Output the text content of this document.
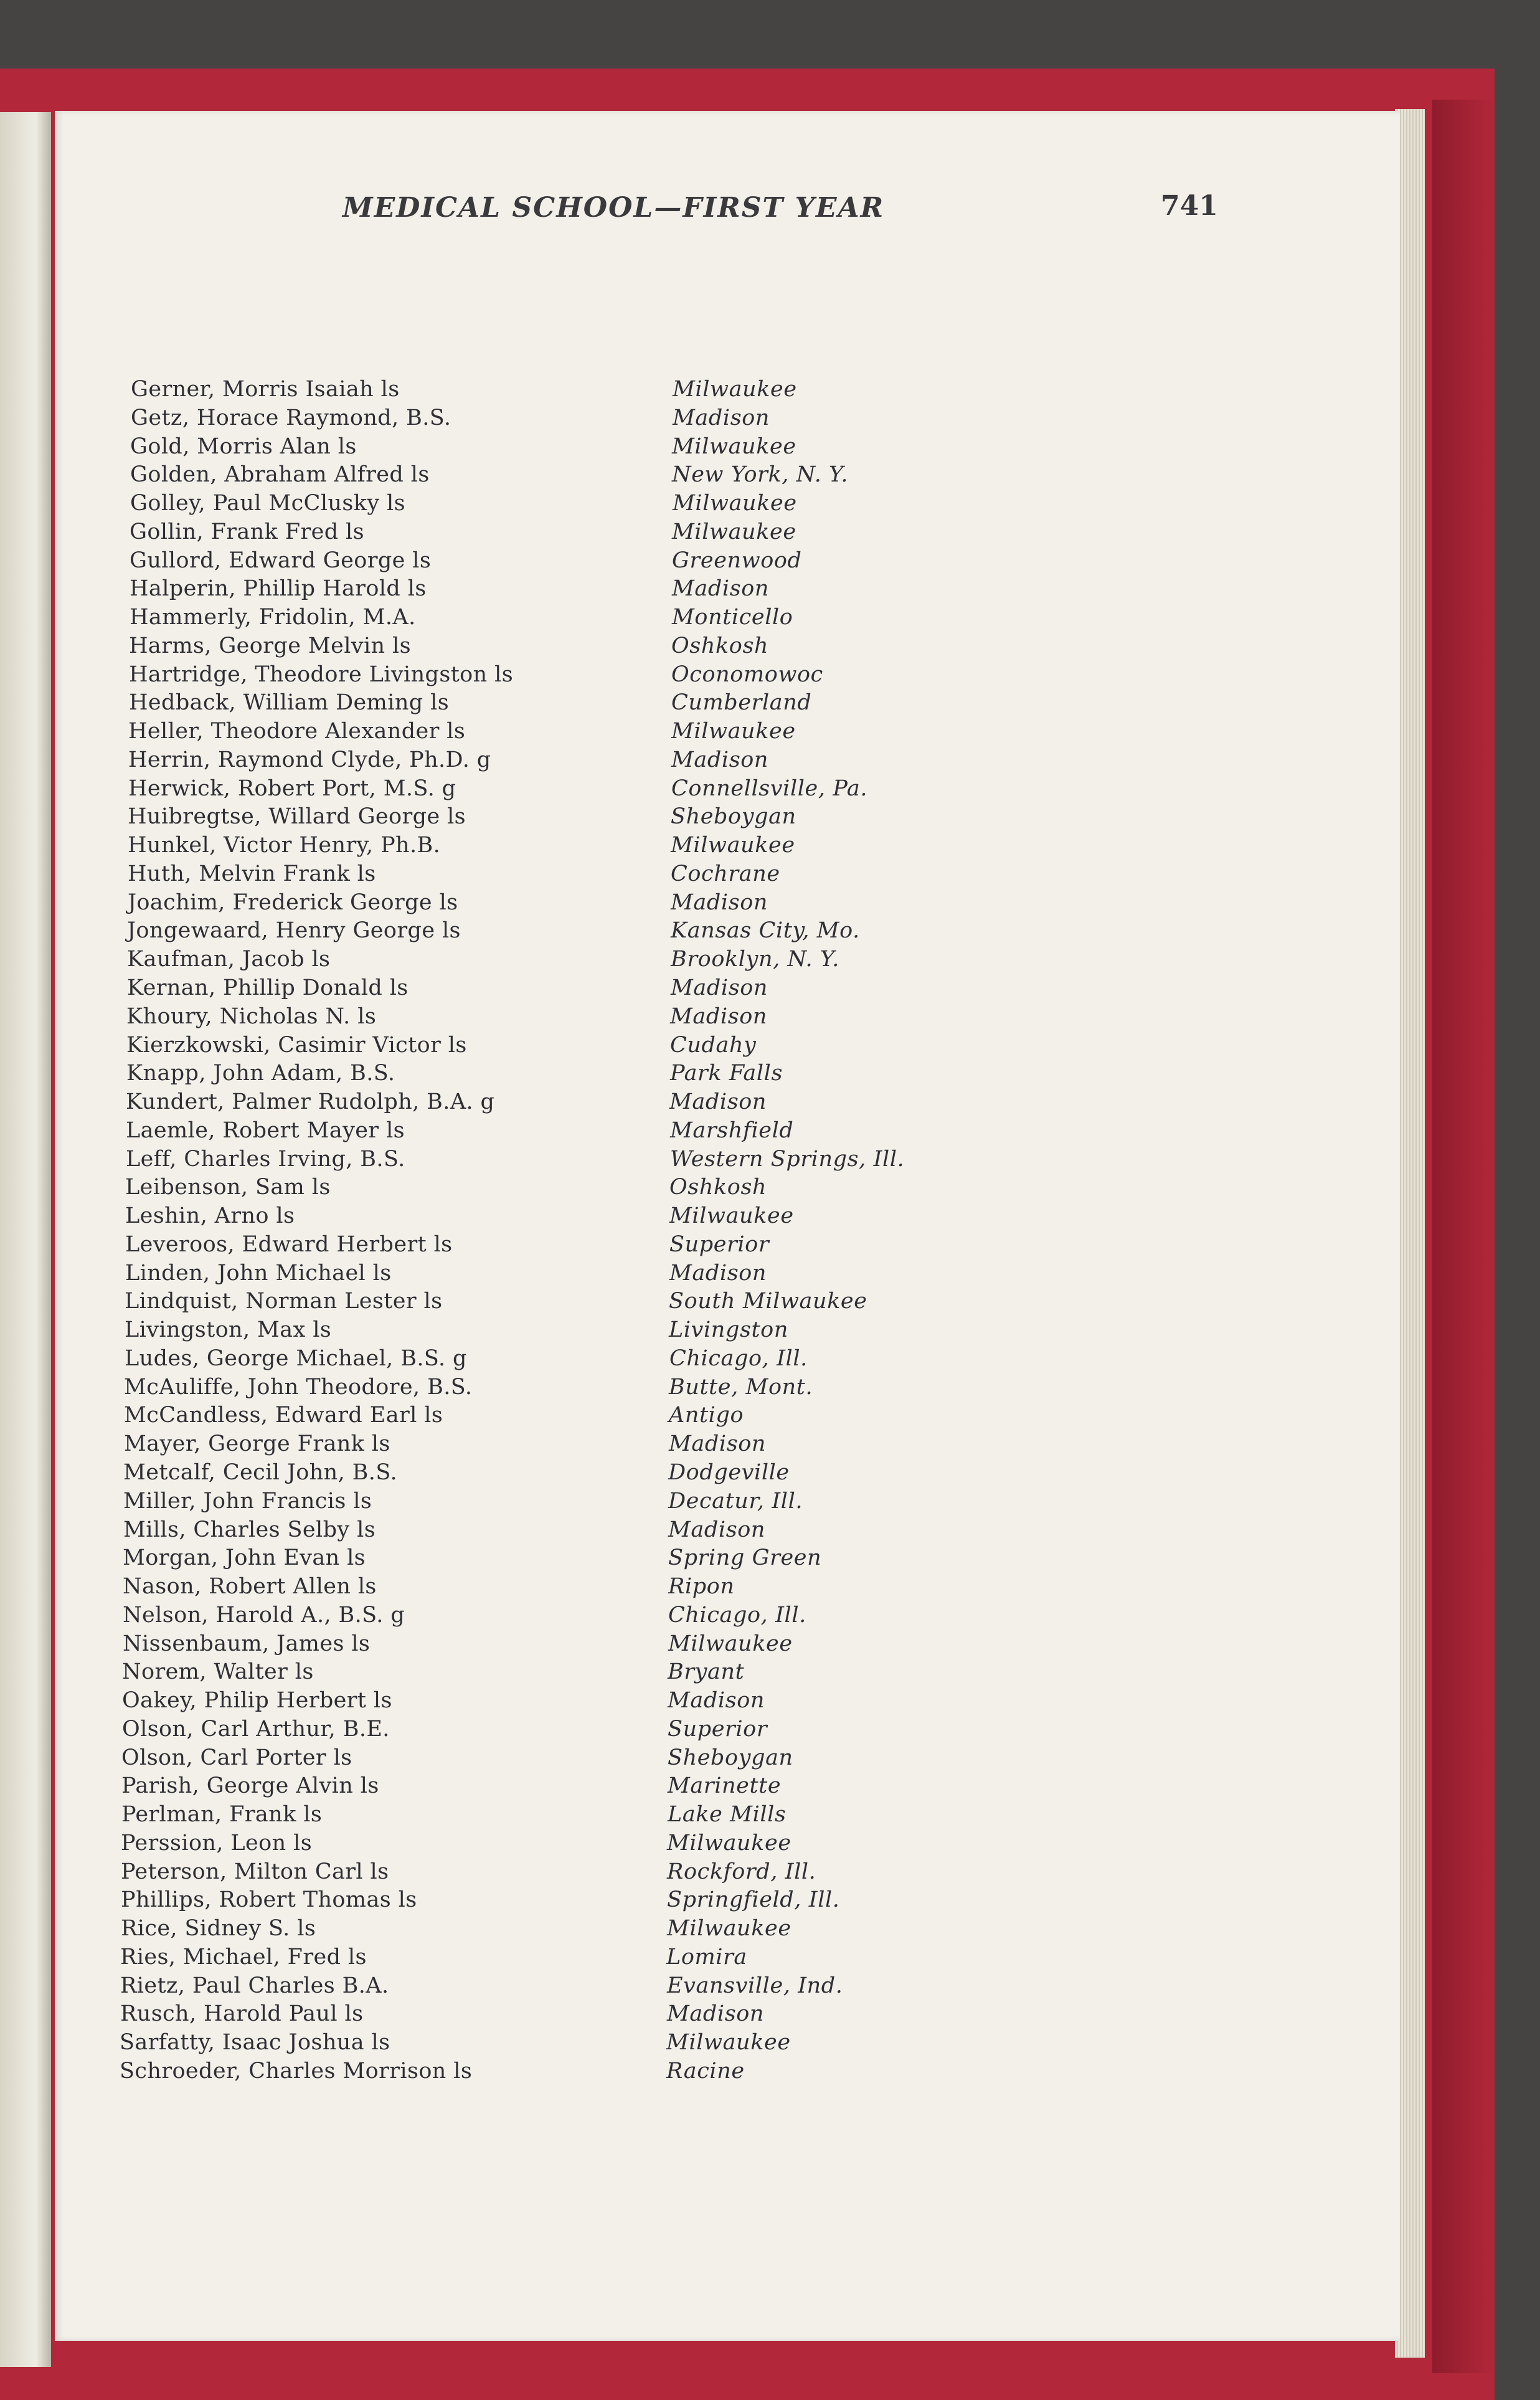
MEDICAL SCHOOL—FIRST YEAR	741
Gerner, Morris Isaiah ls	Milwaukee
Getz, Horace Raymond, B.S.	Madison
Gold, Morris Alan ls	Milwaukee
Golden, Abraham Alfred ls	New York, N. Y.
Golley, Paul McClusky ls	Milwaukee
Gollin, Frank Fred ls	Milwaukee
Gullord, Edward George ls	Greenwood
Halperin, Phillip Harold ls	Madison
Hammerly, Fridolin, M.A.	Monticello
Harms, George Melvin ls	Oshkosh
Hartridge, Theodore Livingston ls	Oconomowoc
Hedback, William Deming ls	Cumberland
Heller, Theodore Alexander ls	Milwaukee
Herrin, Raymond Clyde, Ph.D. g	Madison
Herwick, Robert Port, M.S. g	Connellsville, Pa.
Huibregtse, Willard George ls	Sheboygan
Hunkel, Victor Henry, Ph.B.	Milwaukee
Huth, Melvin Frank ls	Cochrane
Joachim, Frederick George ls	Madison
Jongewaard, Henry George ls	Kansas City, Mo.
Kaufman, Jacob ls	Brooklyn, N. Y.
Kernan, Phillip Donald ls	Madison
Khoury, Nicholas N. ls	Madison
Kierzkowski, Casimir Victor ls	Cudahy
Knapp, John Adam, B.S.	Park Falls
Kundert, Palmer Rudolph, B.A. g	Madison
Laemle, Robert Mayer ls	Marshfield
Leff, Charles Irving, B.S.	Western Springs, Ill.
Leibenson, Sam ls	Oshkosh
Leshin, Arno ls	Milwaukee
Leveroos, Edward Herbert ls	Superior
Linden, John Michael ls	Madison
Lindquist, Norman Lester ls	South Milwaukee
Livingston, Max ls	Livingston
Ludes, George Michael, B.S. g	Chicago, Ill.
McAuliffe, John Theodore, B.S.	Butte, Mont.
McCandless, Edward Earl ls	Antigo
Mayer, George Frank ls	Madison
Metcalf, Cecil John, B.S.	Dodgeville
Miller, John Francis ls	Decatur, Ill.
Mills, Charles Selby ls	Madison
Morgan, John Evan ls	Spring Green
Nason, Robert Allen ls	Ripon
Nelson, Harold A., B.S. g	Chicago, Ill.
Nissenbaum, James ls	Milwaukee
Norem, Walter ls	Bryant
Oakey, Philip Herbert ls	Madison
Olson, Carl Arthur, B.E.	Superior
Olson, Carl Porter ls	Sheboygan
Parish, George Alvin ls	Marinette
Perlman, Frank ls	Lake Mills
Perssion, Leon ls	Milwaukee
Peterson, Milton Carl ls	Rockford, Ill.
Phillips, Robert Thomas ls	Springfield, Ill.
Rice, Sidney S. ls	Milwaukee
Ries, Michael, Fred ls	Lomira
Rietz, Paul Charles B.A.	Evansville, Ind.
Rusch, Harold Paul ls	Madison
Sarfatty, Isaac Joshua ls	Milwaukee
Schroeder, Charles Morrison ls	Racine
